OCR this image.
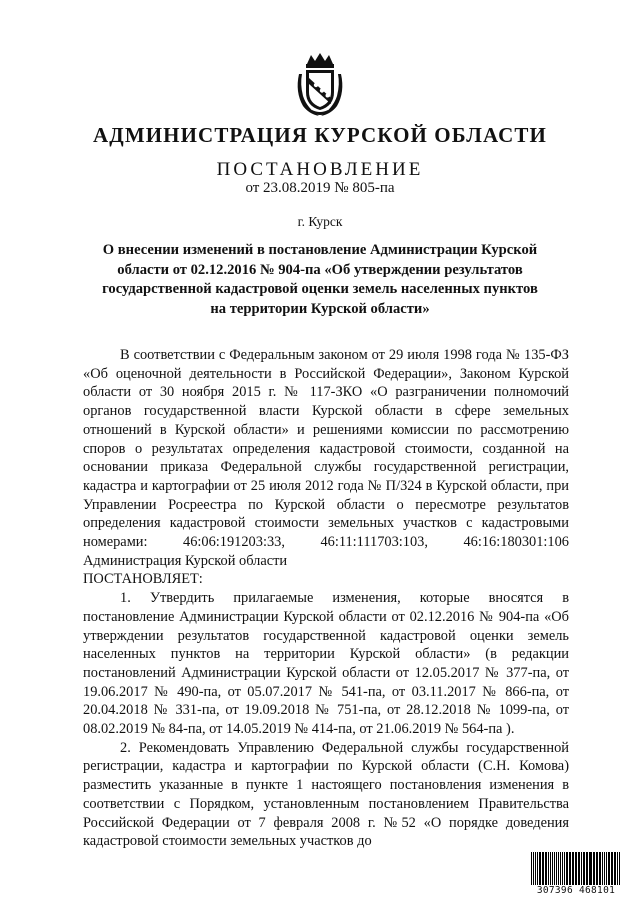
АДМИНИСТРАЦИЯ КУРСКОЙ ОБЛАСТИ
ПОСТАНОВЛЕНИЕ
от 23.08.2019 № 805-па
г. Курск
О внесении изменений в постановление Администрации Курской области от 02.12.2016 № 904-па «Об утверждении результатов государственной кадастровой оценки земель населенных пунктов на территории Курской области»

В соответствии с Федеральным законом от 29 июля 1998 года № 135-ФЗ «Об оценочной деятельности в Российской Федерации», Законом Курской области от 30 ноября 2015 г. № 117-ЗКО «О разграничении полномочий органов государственной власти Курской области в сфере земельных отношений в Курской области» и решениями комиссии по рассмотрению споров о результатах определения кадастровой стоимости, созданной на основании приказа Федеральной службы государственной регистрации, кадастра и картографии от 25 июля 2012 года № П/324 в Курской области, при Управлении Росреестра по Курской области о пересмотре результатов определения кадастровой стоимости земельных участков с кадастровыми номерами: 46:06:191203:33, 46:11:111703:103, 46:16:180301:106 Администрация Курской области

ПОСТАНОВЛЯЕТ:

1. Утвердить прилагаемые изменения, которые вносятся в постановление Администрации Курской области от 02.12.2016 № 904-па «Об утверждении результатов государственной кадастровой оценки земель населенных пунктов на территории Курской области» (в редакции постановлений Администрации Курской области от 12.05.2017 № 377-па, от 19.06.2017 № 490-па, от 05.07.2017 № 541-па, от 03.11.2017 № 866-па, от 20.04.2018 № 331-па, от 19.09.2018 № 751-па, от 28.12.2018 № 1099-па, от 08.02.2019 № 84-па, от 14.05.2019 № 414-па, от 21.06.2019 № 564-па ).

2. Рекомендовать Управлению Федеральной службы государственной регистрации, кадастра и картографии по Курской области (С.Н. Комова) разместить указанные в пункте 1 настоящего постановления изменения в соответствии с Порядком, установленным постановлением Правительства Российской Федерации от 7 февраля 2008 г. №52 «О порядке доведения кадастровой стоимости земельных участков до

307396 468101
